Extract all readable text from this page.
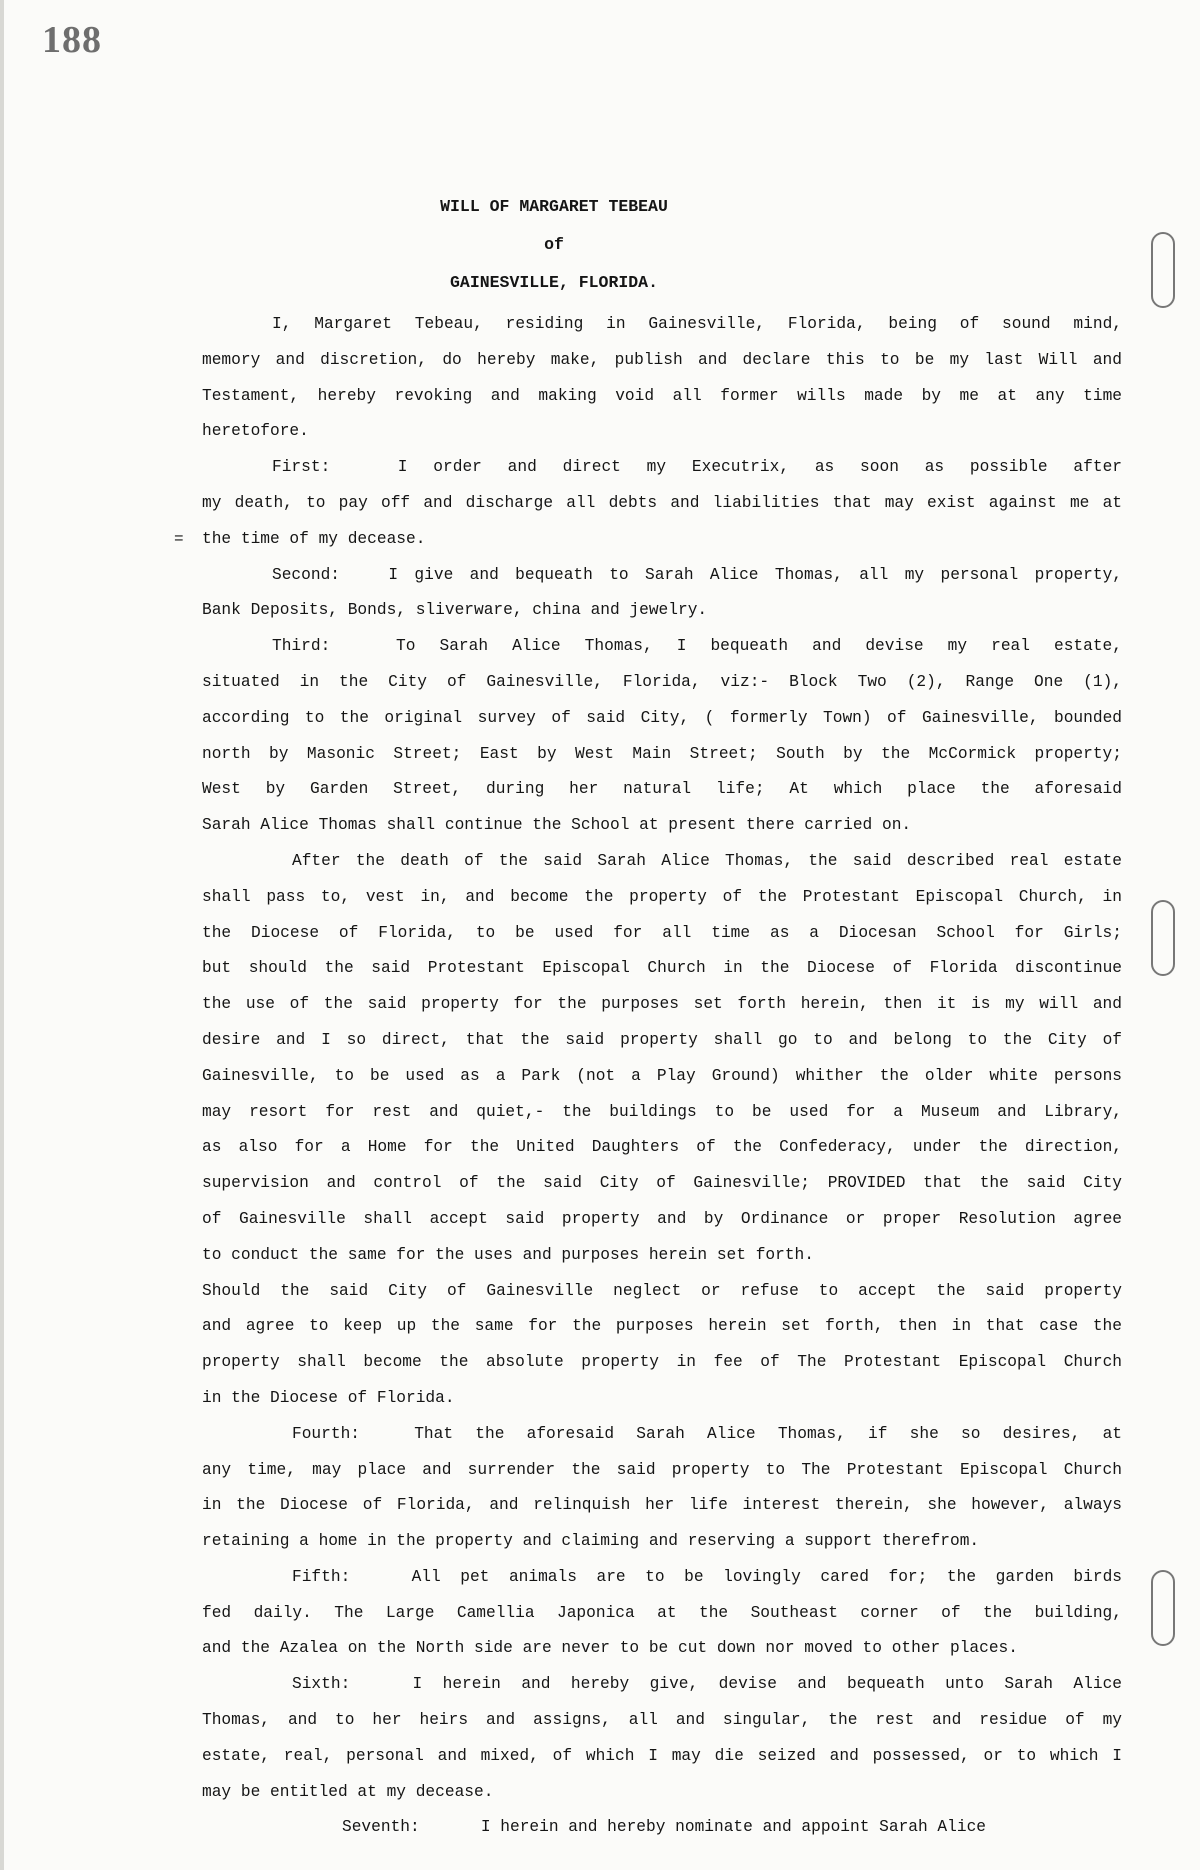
188
WILL OF MARGARET TEBEAU
of
GAINESVILLE, FLORIDA.
=

I, Margaret Tebeau, residing in Gainesville, Florida, being of sound mind,

memory and discretion, do hereby make, publish and declare this to be my last Will and

Testament, hereby revoking and making void all former wills made by me at any time

heretofore.

First:	I order and direct my Executrix, as soon as possible after

my death, to pay off and discharge all debts and liabilities that may exist against me at

the time of my decease.

Second:	I give and bequeath to Sarah Alice Thomas, all my personal property,

Bank Deposits, Bonds, sliverware, china and jewelry.

Third:	To Sarah Alice Thomas, I bequeath and devise my real estate,

situated in the City of Gainesville, Florida, viz:- Block Two (2), Range One (1),

according to the original survey of said City, ( formerly Town) of Gainesville, bounded

north by Masonic Street; East by West Main Street; South by the McCormick property;

West by Garden Street, during her natural life; At which place the aforesaid

Sarah Alice Thomas shall continue the School at present there carried on.

After the death of the said Sarah Alice Thomas, the said described real estate

shall pass to, vest in, and become the property of the Protestant Episcopal Church, in

the Diocese of Florida, to be used for all time as a Diocesan School for Girls;

but should the said Protestant Episcopal Church in the Diocese of Florida discontinue

the use of the said property for the purposes set forth herein, then it is my will and

desire and I so direct, that the said property shall go to and belong to the City of

Gainesville, to be used as a Park (not a Play Ground) whither the older white persons

may resort for rest and quiet,- the buildings to be used for a Museum and Library,

as also for a Home for the United Daughters of the Confederacy, under the direction,

supervision and control of the said City of Gainesville; PROVIDED that the said City

of Gainesville shall accept said property and by Ordinance or proper Resolution agree

to conduct the same for the uses and purposes herein set forth.

Should the said City of Gainesville neglect or refuse to accept the said property

and agree to keep up the same for the purposes herein set forth, then in that case the

property shall become the absolute property in fee of The Protestant Episcopal Church

in the Diocese of Florida.

Fourth:	That the aforesaid Sarah Alice Thomas, if she so desires, at

any time, may place and surrender the said property to The Protestant Episcopal Church

in the Diocese of Florida, and relinquish her life interest therein, she however, always

retaining a home in the property and claiming and reserving a support therefrom.

Fifth:	All pet animals are to be lovingly cared for; the garden birds

fed daily. The Large Camellia Japonica at the Southeast corner of the building,

and the Azalea on the North side are never to be cut down nor moved to other places.

Sixth:	I herein and hereby give, devise and bequeath unto Sarah Alice

Thomas, and to her heirs and assigns, all and singular, the rest and residue of my

estate, real, personal and mixed, of which I may die seized and possessed, or to which I

may be entitled at my decease.

Seventh:	I herein and hereby nominate and appoint Sarah Alice
